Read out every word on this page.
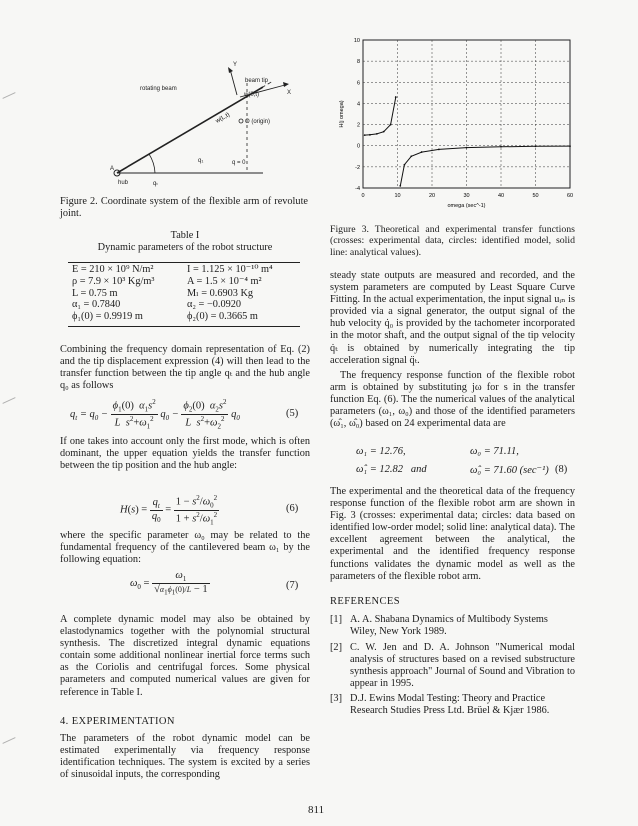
w(L,t)
rotating beam
beam tip
w(0,t)
O (origin)
Y
X
q₁	q = 0
A
hub	qₜ
Figure 2. Coordinate system of the flexible arm of revolute joint.
Table I
Dynamic parameters of the robot structure
E = 210 × 10⁹ N/m²	I = 1.125 × 10⁻¹⁰ m⁴
ρ = 7.9 × 10³ Kg/m³	A = 1.5 × 10⁻⁴ m²
L = 0.75 m	Mₗ = 0.6903 Kg
α₁ = 0.7840	α₂ = −0.0920
ϕ₁(0) = 0.9919 m	ϕ₂(0) = 0.3665 m
Combining the frequency domain representation of Eq. (2) and the tip displacement expression (4) will then lead to the transfer function between the tip angle qₜ and the hub angle q₀ as follows
$q_t = q_0 - \frac{\phi_1(0) \alpha_1s^2}{L s^2+\omega_1^2} q_0 - \frac{\phi_2(0) \alpha_2s^2}{L s^2+\omega_2^2} q_0$	(5)
If one takes into account only the first mode, which is often dominant, the upper equation yields the transfer function between the tip position and the hub angle:
$H(s) = \frac{q_t}{q_0} = \frac{1 - s^2/\omega_0^2}{1 + s^2/\omega_1^2}$	(6)
where the specific parameter ω₀ may be related to the fundamental frequency of the cantilevered beam ω₁ by the following equation:
$\omega_0 = \frac{\omega_1}{√\alpha_1\phi_1(0)/L - 1}$	(7)
A complete dynamic model may also be obtained by elastodynamics together with the polynomial structural synthesis. The discretized integral dynamic equations contain some additional nonlinear inertial force terms such as the Coriolis and centrifugal forces. Some physical parameters and computed numerical values are given for reference in Table I.
4. EXPERIMENTATION
The parameters of the robot dynamic model can be estimated experimentally via frequency response identification techniques. The system is excited by a series of sinusoidal inputs, the corresponding
0	10	20	30	40	50	60
10
8
6
4
2
0
-2
-4
omega (sec^-1)
H(j omega)
Figure 3. Theoretical and experimental transfer functions (crosses: experimental data, circles: identified model, solid line: analytical values).
steady state outputs are measured and recorded, and the system parameters are computed by Least Square Curve Fitting. In the actual experimentation, the input signal uᵢₙ is provided via a signal generator, the output signal of the hub velocity q̇₀ is provided by the tachometer incorporated in the motor shaft, and the output signal of the tip velocity q̇ₜ is obtained by numerically integrating the tip acceleration signal q̈ₜ.
The frequency response function of the flexible robot arm is obtained by substituting jω for s in the transfer function Eq. (6). The the numerical values of the analytical parameters (ω₁, ω₀) and those of the identified parameters (ω̂₁, ω̂₀) based on 24 experimental data are
ω₁ = 12.76,	ω₀ = 71.11,
ω̂₁ = 12.82   and	ω̂₀ = 71.60 (sec⁻¹) (8)
The experimental and the theoretical data of the frequency response function of the flexible robot arm are shown in Fig. 3 (crosses: experimental data; circles: data based on identified low-order model; solid line: analytical data). The excellent agreement between the analytical, the experimental and the identified frequency response functions validates the dynamic model as well as the parameters of the flexible robot arm.
REFERENCES
[1] A. A. Shabana Dynamics of Multibody Systems Wiley, New York 1989.
[2] C. W. Jen and D. A. Johnson "Numerical modal analysis of structures based on a revised substructure synthesis approach" Journal of Sound and Vibration to appear in 1995.
[3] D.J. Ewins Modal Testing: Theory and Practice Research Studies Press Ltd. Brüel & Kjær 1986.
811
